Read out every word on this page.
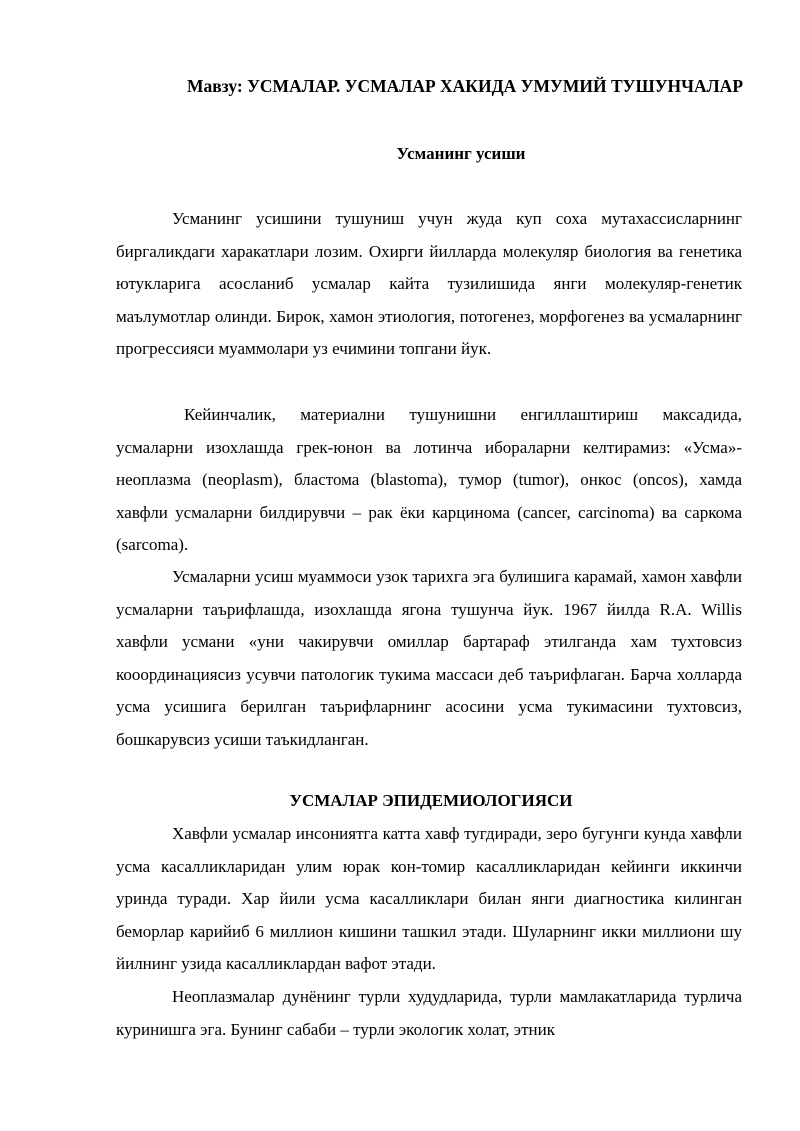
Мавзу: УСМАЛАР. УСМАЛАР ХАКИДА УМУМИЙ ТУШУНЧАЛАР
Усманинг усиши

Усманинг усишини тушуниш учун жуда куп соха мутахассисларнинг биргаликдаги харакатлари лозим. Охирги йилларда молекуляр биология ва генетика ютукларига асосланиб усмалар кайта тузилишида янги молекуляр-генетик маълумотлар олинди. Бирок, хамон этиология, потогенез, морфогенез ва усмаларнинг прогрессияси муаммолари уз ечимини топгани йук.

Кейинчалик, материални тушунишни енгиллаштириш максадида, усмаларни изохлашда грек-юнон ва лотинча ибораларни келтирамиз: «Усма»-неоплазма (neoplasm), бластома (blastoma), тумор (tumor), онкос (oncos), хамда хавфли усмаларни билдирувчи – рак ёки карцинома (cancer, carcinoma) ва саркома (sarcoma).

Усмаларни усиш муаммоси узок тарихга эга булишига карамай, хамон хавфли усмаларни таърифлашда, изохлашда ягона тушунча йук. 1967 йилда R.A. Willis хавфли усмани «уни чакирувчи омиллар бартараф этилганда хам тухтовсиз кооординациясиз усувчи патологик тукима массаси деб таърифлаган. Барча холларда усма усишига берилган таърифларнинг асосини усма тукимасини тухтовсиз, бошкарувсиз усиши таъкидланган.

УСМАЛАР ЭПИДЕМИОЛОГИЯСИ

Хавфли усмалар инсониятга катта хавф тугдиради, зеро бугунги кунда хавфли усма касалликларидан улим юрак кон-томир касалликларидан кейинги иккинчи уринда туради. Хар йили усма касалликлари билан янги диагностика килинган беморлар карийиб 6 миллион кишини ташкил этади. Шуларнинг икки миллиони шу йилнинг узида касалликлардан вафот этади.

Неоплазмалар дунёнинг турли худудларида, турли мамлакатларида турлича куринишга эга. Бунинг сабаби – турли экологик холат, этник
